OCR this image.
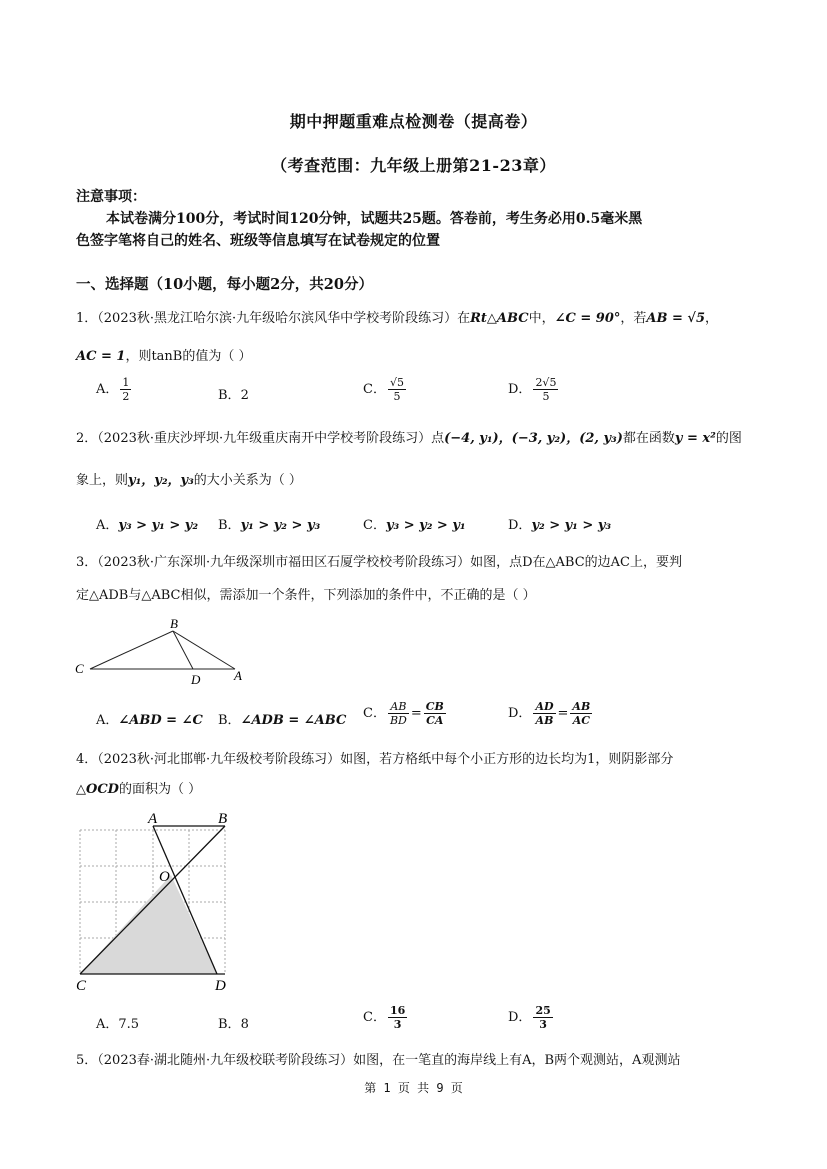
期中押题重难点检测卷（提高卷）
（考查范围：九年级上册第21-23章）
注意事项：
本试卷满分100分，考试时间120分钟，试题共25题。答卷前，考生务必用0.5毫米黑
色签字笔将自己的姓名、班级等信息填写在试卷规定的位置
一、选择题（10小题，每小题2分，共20分）
1．（2023秋·黑龙江哈尔滨·九年级哈尔滨风华中学校考阶段练习）在Rt△ABC中，∠C = 90°，若AB = √5，
AC = 1，则tanB的值为（ ）
A． $\frac{1}{2}$	B．2	C． $\frac{√5}{5}$	D． $\frac{2√5}{5}$
2．（2023秋·重庆沙坪坝·九年级重庆南开中学校考阶段练习）点(−4, y₁)，(−3, y₂)，(2, y₃)都在函数y = x²的图
象上，则y₁，y₂，y₃的大小关系为（ ）
A．y₃ > y₁ > y₂ B．y₁ > y₂ > y₃	C．y₃ > y₂ > y₁	D．y₂ > y₁ > y₃
3．（2023秋·广东深圳·九年级深圳市福田区石厦学校校考阶段练习）如图，点D在△ABC的边AC上，要判
定△ADB与△ABC相似，需添加一个条件，下列添加的条件中，不正确的是（ ）
B
C
D	A
A．∠ABD = ∠C B．∠ADB = ∠ABC C． $\frac{AB}{BD} = \frac{CB}{CA}$	D． $\frac{AD}{AB} = \frac{AB}{AC}$
4．（2023秋·河北邯郸·九年级校考阶段练习）如图，若方格纸中每个小正方形的边长均为1，则阴影部分
△OCD的面积为（ ）
A	B
O
C	D
A．7.5	B．8	C． $\frac{16}{3}$	D． $\frac{25}{3}$
5．（2023春·湖北随州·九年级校联考阶段练习）如图，在一笔直的海岸线上有A，B两个观测站，A观测站
第 1 页 共 9 页
